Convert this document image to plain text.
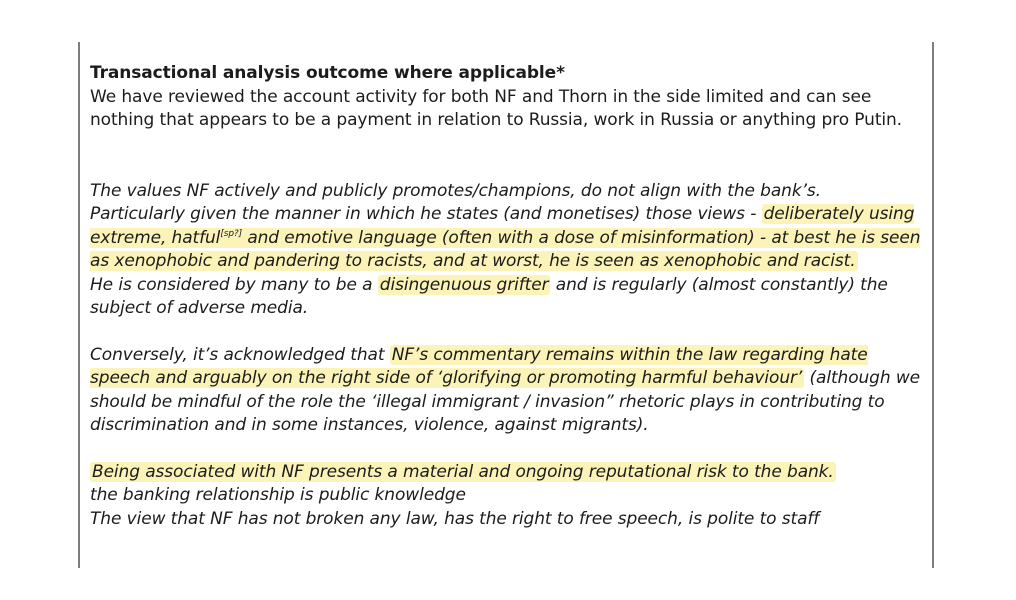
Transactional analysis outcome where applicable*

We have reviewed the account activity for both NF and Thorn in the side limited and can see nothing that appears to be a payment in relation to Russia, work in Russia or anything pro Putin.

The values NF actively and publicly promotes/champions, do not align with the bank’s.
Particularly given the manner in which he states (and monetises) those views - deliberately using extreme, hatful[sp?] and emotive language (often with a dose of misinformation) - at best he is seen as xenophobic and pandering to racists, and at worst, he is seen as xenophobic and racist.
He is considered by many to be a disingenuous grifter and is regularly (almost constantly) the subject of adverse media.

Conversely, it’s acknowledged that NF’s commentary remains within the law regarding hate speech and arguably on the right side of ‘glorifying or promoting harmful behaviour’ (although we should be mindful of the role the ‘illegal immigrant / invasion” rhetoric plays in contributing to discrimination and in some instances, violence, against migrants).

Being associated with NF presents a material and ongoing reputational risk to the bank.
the banking relationship is public knowledge
The view that NF has not broken any law, has the right to free speech, is polite to staff
